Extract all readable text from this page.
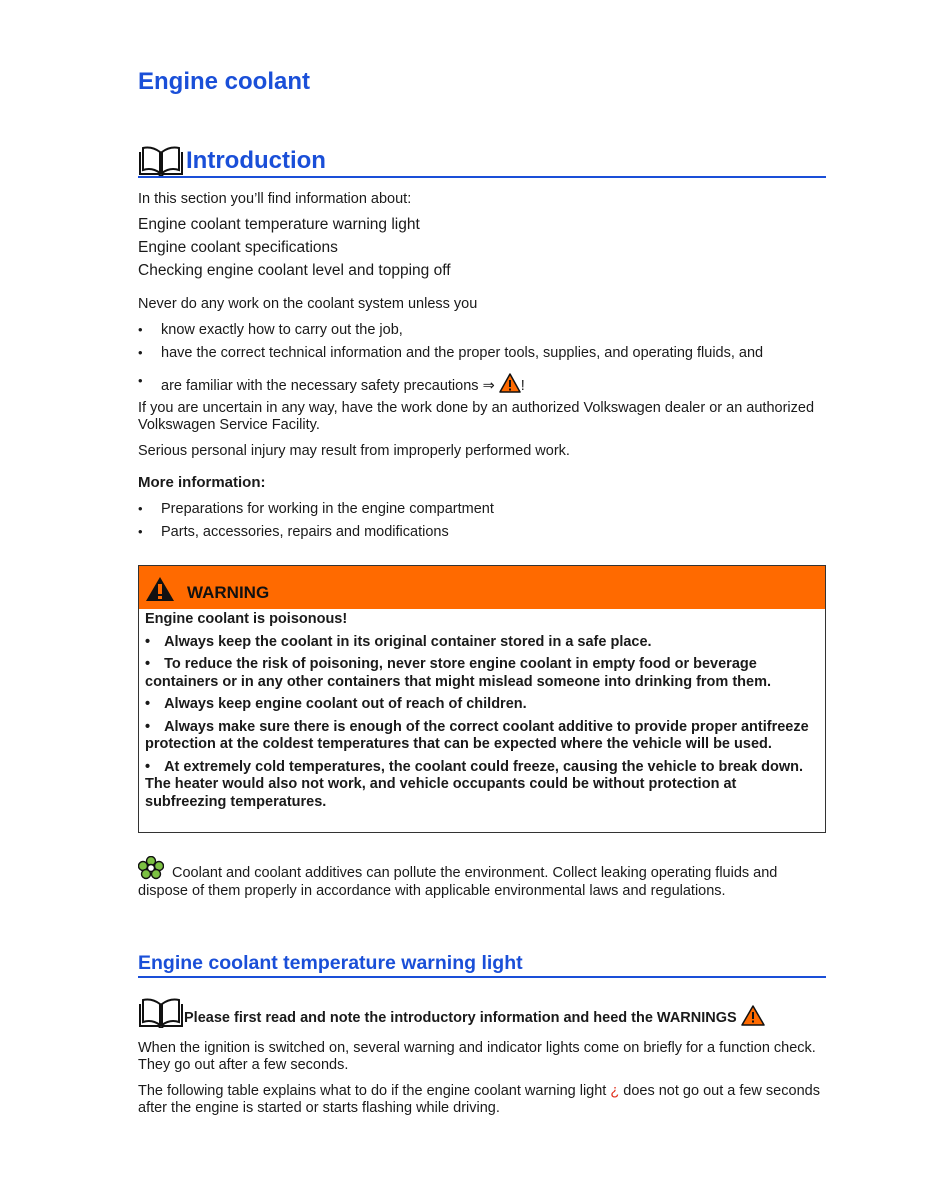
Engine coolant
Introduction

In this section you’ll find information about:

Engine coolant temperature warning light
Engine coolant specifications
Checking engine coolant level and topping off

Never do any work on the coolant system unless you

• know exactly how to carry out the job,
• have the correct technical information and the proper tools, supplies, and operating fluids, and
• are familiar with the necessary safety precautions ⇒ !

If you are uncertain in any way, have the work done by an authorized Volkswagen dealer or an authorized Volkswagen Service Facility.

Serious personal injury may result from improperly performed work.

More information:
• Preparations for working in the engine compartment
• Parts, accessories, repairs and modifications
WARNING

Engine coolant is poisonous!

• Always keep the coolant in its original container stored in a safe place.

• To reduce the risk of poisoning, never store engine coolant in empty food or beverage containers or in any other containers that might mislead someone into drinking from them.

• Always keep engine coolant out of reach of children.

• Always make sure there is enough of the correct coolant additive to provide proper antifreeze protection at the coldest temperatures that can be expected where the vehicle will be used.

• At extremely cold temperatures, the coolant could freeze, causing the vehicle to break down. The heater would also not work, and vehicle occupants could be without protection at subfreezing temperatures.

Coolant and coolant additives can pollute the environment. Collect leaking operating fluids and dispose of them properly in accordance with applicable environmental laws and regulations.
Engine coolant temperature warning light
Please first read and note the introductory information and heed the WARNINGS

When the ignition is switched on, several warning and indicator lights come on briefly for a function check. They go out after a few seconds.

The following table explains what to do if the engine coolant warning light ¿ does not go out a few seconds after the engine is started or starts flashing while driving.
